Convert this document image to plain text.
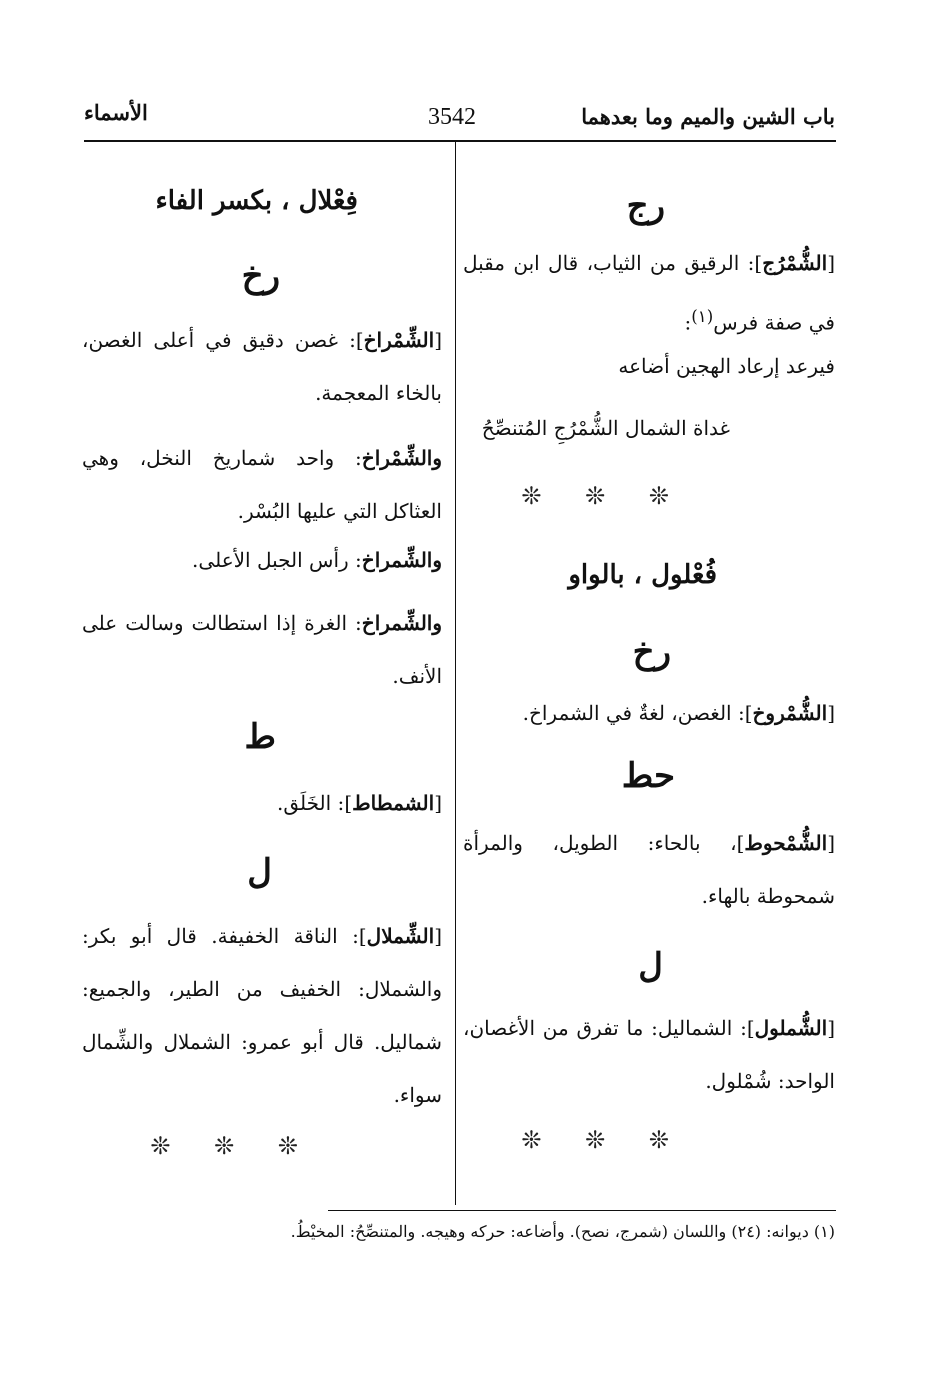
باب الشين والميم وما بعدهما
3542
الأسماء
رج
[الشُّمْرُج]: الرقيق من الثياب، قال ابن مقبل في صفة فرس$^{(١)}$:
فيرعد إرعاد الهجين أضاعه
غداة الشمال الشُّمْرُجِ المُتنصِّحُ
❊ ❊ ❊
فُعْلول ، بالواو
رخ
[الشُّمْروخ]: الغصن، لغةٌ في الشمراخ.
حط
[الشُّمْحوط]، بالحاء: الطويل، والمرأة شمحوطة بالهاء.
ل
[الشُّملول]: الشماليل: ما تفرق من الأغصان، الواحد: شُمْلول.
❊ ❊ ❊
فِعْلال ، بكسر الفاء
رخ
[الشِّمْراخ]: غصن دقيق في أعلى الغصن، بالخاء المعجمة.
والشِّمْراخ: واحد شماريخ النخل، وهي العثاكل التي عليها البُسْر.
والشِّمراخ: رأس الجبل الأعلى.
والشِّمراخ: الغرة إذا استطالت وسالت على الأنف.
ط
[الشمطاط]: الخَلَق.
ل
[الشِّملال]: الناقة الخفيفة. قال أبو بكر: والشملال: الخفيف من الطير، والجميع: شماليل. قال أبو عمرو: الشملال والشِّمال سواء.
❊ ❊ ❊
(١) ديوانه: (٢٤) واللسان (شمرج، نصح). وأضاعه: حركه وهيجه. والمتنصِّحُ: المخيْطُ.
